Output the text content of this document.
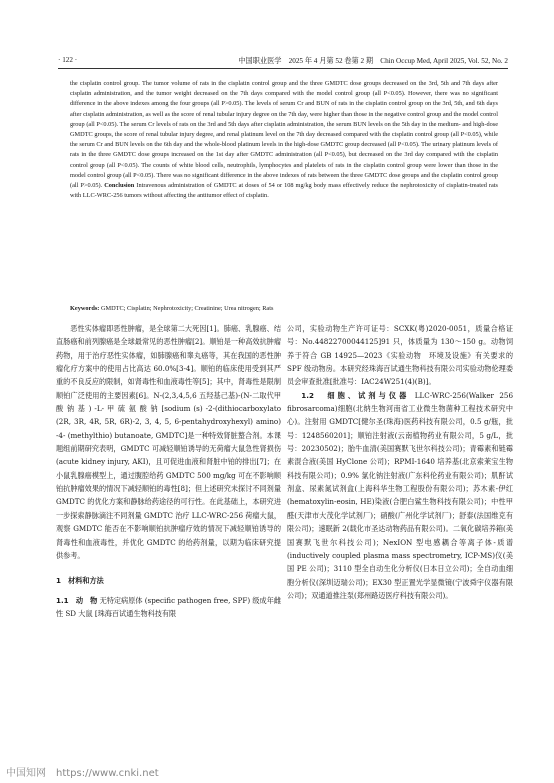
· 122 ·	中国职业医学　2025 年 4 月第 52 卷第 2 期　Chin Occup Med, April 2025, Vol. 52, No. 2
the cisplatin control group. The tumor volume of rats in the cisplatin control group and the three GMDTC dose groups decreased on the 3rd, 5th and 7th days after cisplatin administration, and the tumor weight decreased on the 7th days compared with the model control group (all P<0.05). However, there was no significant difference in the above indexes among the four groups (all P>0.05). The levels of serum Cr and BUN of rats in the cisplatin control group on the 3rd, 5th, and 6th days after cisplatin administration, as well as the score of renal tubular injury degree on the 7th day, were higher than those in the negative control group and the model control group (all P<0.05). The serum Cr levels of rats on the 3rd and 5th days after cisplatin administration, the serum BUN levels on the 5th day in the medium- and high-dose GMDTC groups, the score of renal tubular injury degree, and renal platinum level on the 7th day decreased compared with the cisplatin control group (all P<0.05), while the serum Cr and BUN levels on the 6th day and the whole-blood platinum levels in the high-dose GMDTC group decreased (all P<0.05). The urinary platinum levels of rats in the three GMDTC dose groups increased on the 1st day after GMDTC administration (all P<0.05), but decreased on the 3rd day compared with the cisplatin control group (all P<0.05). The counts of white blood cells, neutrophils, lymphocytes and platelets of rats in the cisplatin control group were lower than those in the model control group (all P<0.05). There was no significant difference in the above indexes of rats between the three GMDTC dose groups and the cisplatin control group (all P>0.05). Conclusion Intravenous administration of GMDTC at doses of 54 or 108 mg/kg body mass effectively reduce the nephrotoxicity of cisplatin-treated rats with LLC-WRC-256 tumors without affecting the antitumor effect of cisplatin.
Keywords: GMDTC; Cisplatin; Nephrotoxicity; Creatinine; Urea nitrogen; Rats

恶性实体瘤即恶性肿瘤，是全球第二大死因[1]。肺癌、乳腺癌、结直肠癌和前列腺癌是全球最常见的恶性肿瘤[2]。顺铂是一种高效抗肿瘤药物，用于治疗恶性实体瘤，如肺腺癌和睾丸癌等，其在我国的恶性肿瘤化疗方案中的使用占比高达 60.0%[3-4]。顺铂的临床使用受到其严重的不良反应的限制，如肾毒性和血液毒性等[5]；其中，肾毒性是限制顺铂广泛使用的主要因素[6]。N-(2,3,4,5,6 五羟基己基)-(N-二取代甲 酸 钠 基 ) -L- 甲 硫 氨 酸 钠 [sodium (s) -2-(dithiocarboxylato (2R, 3R, 4R, 5R, 6R)-2, 3, 4, 5, 6-pentahydroxyhexyl) amino) -4- (methylthio) butanoate, GMDTC]是一种特效肾脏螯合剂。本课题组前期研究表明，GMDTC 可减轻顺铂诱导的无荷瘤大鼠急性肾损伤(acute kidney injury, AKI)，且可促进血液和肾脏中铂的排出[7]；在小鼠乳腺癌模型上，通过腹腔给药 GMDTC 500 mg/kg 可在不影响顺铂抗肿瘤效果的情况下减轻顺铂的毒性[8]；但上述研究未探讨不同剂量 GMDTC 的优化方案和静脉给药途径的可行性。在此基础上，本研究进一步探索静脉滴注不同剂量 GMDTC 治疗 LLC-WRC-256 荷瘤大鼠，观察 GMDTC 能否在不影响顺铂抗肿瘤疗效的情况下减轻顺铂诱导的肾毒性和血液毒性，并优化 GMDTC 的给药剂量，以期为临床研究提供参考。

1　材料和方法

1.1　动　物 无特定病原体 (specific pathogen free, SPF) 级成年雌性 SD 大鼠 [珠海百试通生物科技有限

公司，实验动物生产许可证号：SCXK(粤)2020-0051，质量合格证号：No.44822700044125]91 只，体质量为 130～150 g。动物饲养于符合 GB 14925—2023《实验动物　环境及设施》有关要求的 SPF 级动物房。本研究经珠海百试通生物科技有限公司实验动物伦理委员会审查批准[批准号：IAC24W251(4)(B)]。

1.2　细胞、试剂与仪器 LLC-WRC-256(Walker 256 fibrosarcoma)细胞(北纳生物河南省工业微生物菌种工程技术研究中心)。注射用 GMDTC[健尔圣(珠海)医药科技有限公司，0.5 g/瓶，批号：1248560201]；顺铂注射液(云南植物药业有限公司，5 g/L，批号：20230502)；胎牛血清(美国赛默飞世尔科技公司)；青霉素和链霉素混合液(美国 HyClone 公司)；RPMI-1640 培养基(北京索莱宝生物科技有限公司)；0.9% 氯化钠注射液(广东科伦药业有限公司)；肌酐试剂盒、尿素氮试剂盒(上海科华生物工程股份有限公司)；苏木素-伊红(hematoxylin-eosin, HE)染液(合肥白鲨生物科技有限公司)；中性甲醛(天津市大茂化学试剂厂)；硝酸(广州化学试剂厂)；舒泰(法国维克有限公司)；速眠新 2(载化市圣达动物药品有限公司)。二氧化碳培养箱(美国赛默飞世尔科技公司)；NexION 型电感耦合等离子体-质谱(inductively coupled plasma mass spectrometry, ICP-MS)仪(美国 PE 公司)；3110 型全自动生化分析仪(日本日立公司)；全自动血细胞分析仪(深圳迈瑞公司)；EX30 型正置光学显微镜(宁波舜宇仪器有限公司)；双通道推注泵(郑州路迈医疗科技有限公司)。

中国知网　https://www.cnki.net
